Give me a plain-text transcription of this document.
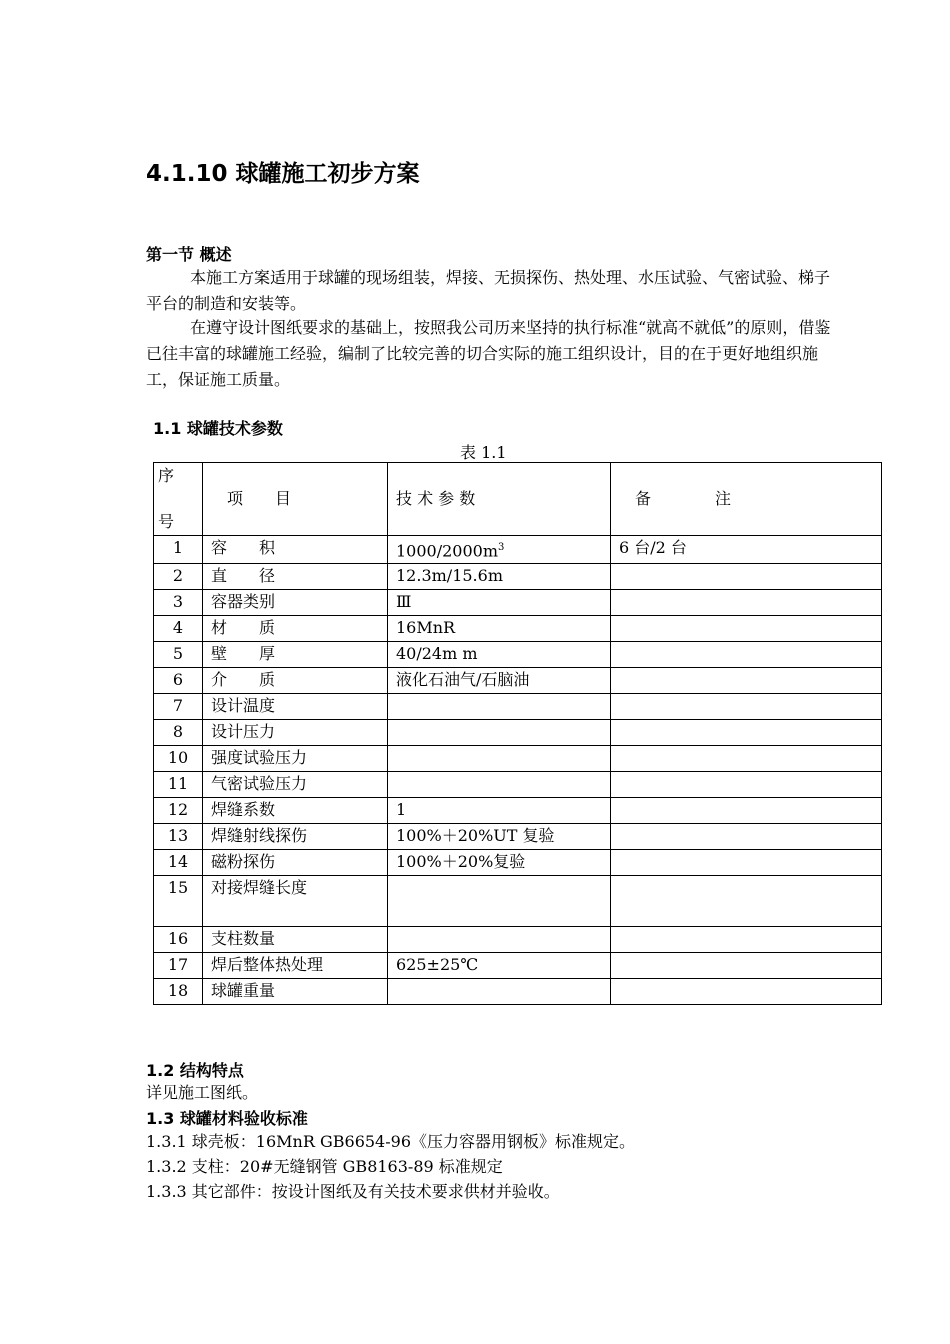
4.1.10 球罐施工初步方案
第一节 概述
本施工方案适用于球罐的现场组装，焊接、无损探伤、热处理、水压试验、气密试验、梯子平台的制造和安装等。
在遵守设计图纸要求的基础上，按照我公司历来坚持的执行标准“就高不就低”的原则，借鉴已往丰富的球罐施工经验，编制了比较完善的切合实际的施工组织设计，目的在于更好地组织施工，保证施工质量。
1.1 球罐技术参数
表 1.1
序
号	项　　目	技 术 参 数	备　　　　注
1	容　　积	$1000/2000m^3$	6 台/2 台
2	直　　径	12.3m/15.6m	
3	容器类别	Ⅲ	
4	材　　质	16MnR	
5	壁　　厚	40/24m m	
6	介　　质	液化石油气/石脑油	
7	设计温度		
8	设计压力		
10	强度试验压力		
11	气密试验压力		
12	焊缝系数	1	
13	焊缝射线探伤	100%＋20%UT 复验	
14	磁粉探伤	100%＋20%复验	
15	对接焊缝长度		
16	支柱数量		
17	焊后整体热处理	625±25℃	
18	球罐重量		
1.2 结构特点
详见施工图纸。
1.3 球罐材料验收标准
1.3.1 球壳板：16MnR GB6654-96《压力容器用钢板》标准规定。
1.3.2 支柱：20#无缝钢管 GB8163-89 标准规定
1.3.3 其它部件：按设计图纸及有关技术要求供材并验收。
